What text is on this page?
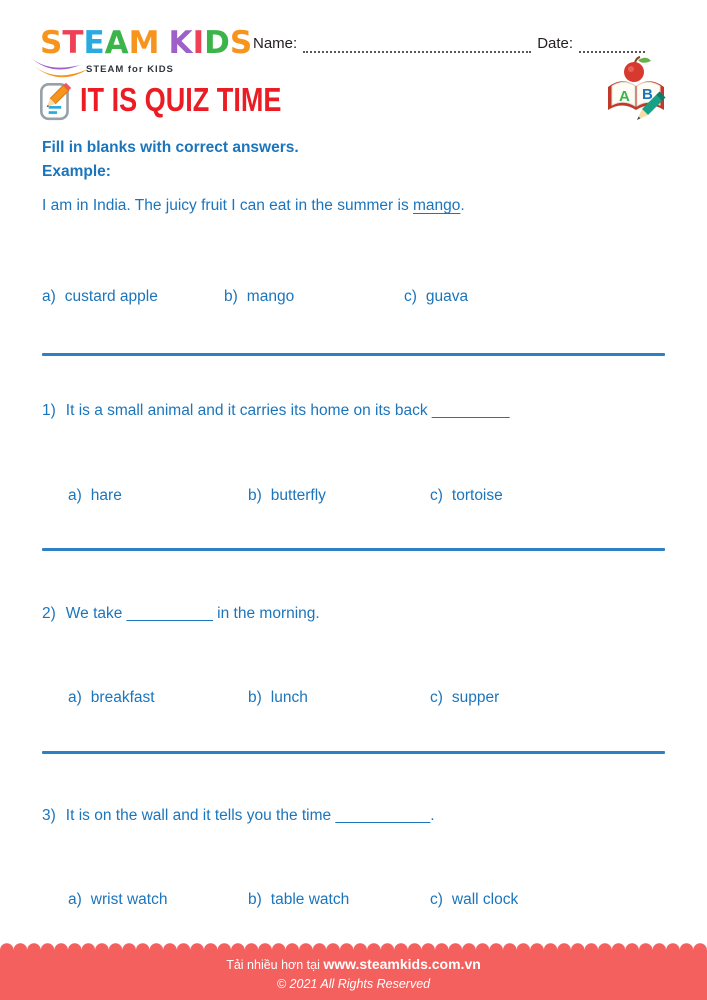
STEAM KIDS
STEAM for KIDS
Name:	Date:
IT IS QUIZ TIME	A B
Fill in blanks with correct answers.
Example:
I am in India. The juicy fruit I can eat in the summer is mango.
a) custard apple	b) mango	c) guava
1) It is a small animal and it carries its home on its back _________
a) hare	b) butterfly	c) tortoise
2) We take __________ in the morning.
a) breakfast	b) lunch	c) supper
3) It is on the wall and it tells you the time ___________.
a) wrist watch	b) table watch	c) wall clock
Tải nhiều hơn tại www.steamkids.com.vn
© 2021 All Rights Reserved
